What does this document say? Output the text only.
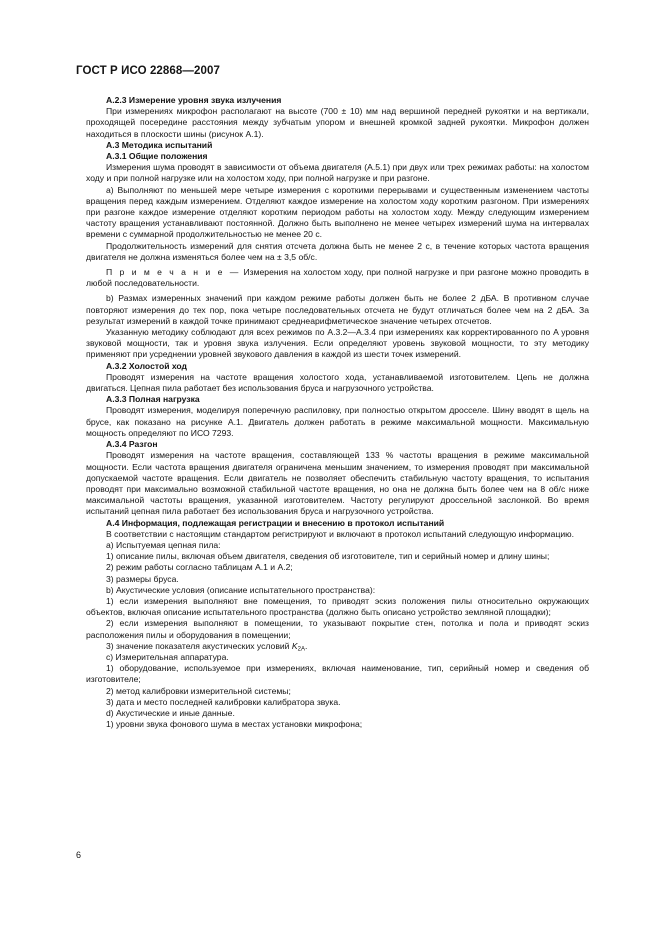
ГОСТ Р ИСО 22868—2007
А.2.3 Измерение уровня звука излучения
При измерениях микрофон располагают на высоте (700 ± 10) мм над вершиной передней рукоятки и на вертикали, проходящей посередине расстояния между зубчатым упором и внешней кромкой задней рукоятки. Микрофон должен находиться в плоскости шины (рисунок А.1).
А.3 Методика испытаний
А.3.1 Общие положения
Измерения шума проводят в зависимости от объема двигателя (А.5.1) при двух или трех режимах работы: на холостом ходу и при полной нагрузке или на холостом ходу, при полной нагрузке и при разгоне.
а) Выполняют по меньшей мере четыре измерения с короткими перерывами и существенным изменением частоты вращения перед каждым измерением. Отделяют каждое измерение на холостом ходу коротким разгоном. При измерениях при разгоне каждое измерение отделяют коротким периодом работы на холостом ходу. Между следующим измерением частоту вращения устанавливают постоянной. Должно быть выполнено не менее четырех измерений шума на интервалах времени с суммарной продолжительностью не менее 20 с.
Продолжительность измерений для снятия отсчета должна быть не менее 2 с, в течение которых частота вращения двигателя не должна изменяться более чем на ± 3,5 об/с.
П р и м е ч а н и е — Измерения на холостом ходу, при полной нагрузке и при разгоне можно проводить в любой последовательности.
b) Размах измеренных значений при каждом режиме работы должен быть не более 2 дБА. В противном случае повторяют измерения до тех пор, пока четыре последовательных отсчета не будут отличаться более чем на 2 дБА. За результат измерений в каждой точке принимают среднеарифметическое значение четырех отсчетов.
Указанную методику соблюдают для всех режимов по А.3.2—А.3.4 при измерениях как корректированного по A уровня звуковой мощности, так и уровня звука излучения. Если определяют уровень звуковой мощности, то эту методику применяют при усреднении уровней звукового давления в каждой из шести точек измерений.
А.3.2 Холостой ход
Проводят измерения на частоте вращения холостого хода, устанавливаемой изготовителем. Цепь не должна двигаться. Цепная пила работает без использования бруса и нагрузочного устройства.
А.3.3 Полная нагрузка
Проводят измерения, моделируя поперечную распиловку, при полностью открытом дросселе. Шину вводят в щель на брусе, как показано на рисунке А.1. Двигатель должен работать в режиме максимальной мощности. Максимальную мощность определяют по ИСО 7293.
А.3.4 Разгон
Проводят измерения на частоте вращения, составляющей 133 % частоты вращения в режиме максимальной мощности. Если частота вращения двигателя ограничена меньшим значением, то измерения проводят при максимальной допускаемой частоте вращения. Если двигатель не позволяет обеспечить стабильную частоту вращения, то испытания проводят при максимально возможной стабильной частоте вращения, но она не должна быть более чем на 8 об/с ниже максимальной частоты вращения, указанной изготовителем. Частоту регулируют дроссельной заслонкой. Во время испытаний цепная пила работает без использования бруса и нагрузочного устройства.
А.4 Информация, подлежащая регистрации и внесению в протокол испытаний
В соответствии с настоящим стандартом регистрируют и включают в протокол испытаний следующую информацию.
а) Испытуемая цепная пила:
1) описание пилы, включая объем двигателя, сведения об изготовителе, тип и серийный номер и длину шины;
2) режим работы согласно таблицам А.1 и А.2;
3) размеры бруса.
b) Акустические условия (описание испытательного пространства):
1) если измерения выполняют вне помещения, то приводят эскиз положения пилы относительно окружающих объектов, включая описание испытательного пространства (должно быть описано устройство земляной площадки);
2) если измерения выполняют в помещении, то указывают покрытие стен, потолка и пола и приводят эскиз расположения пилы и оборудования в помещении;
3) значение показателя акустических условий $K_{2A}$.
c) Измерительная аппаратура.
1) оборудование, используемое при измерениях, включая наименование, тип, серийный номер и сведения об изготовителе;
2) метод калибровки измерительной системы;
3) дата и место последней калибровки калибратора звука.
d) Акустические и иные данные.
1) уровни звука фонового шума в местах установки микрофона;
6
